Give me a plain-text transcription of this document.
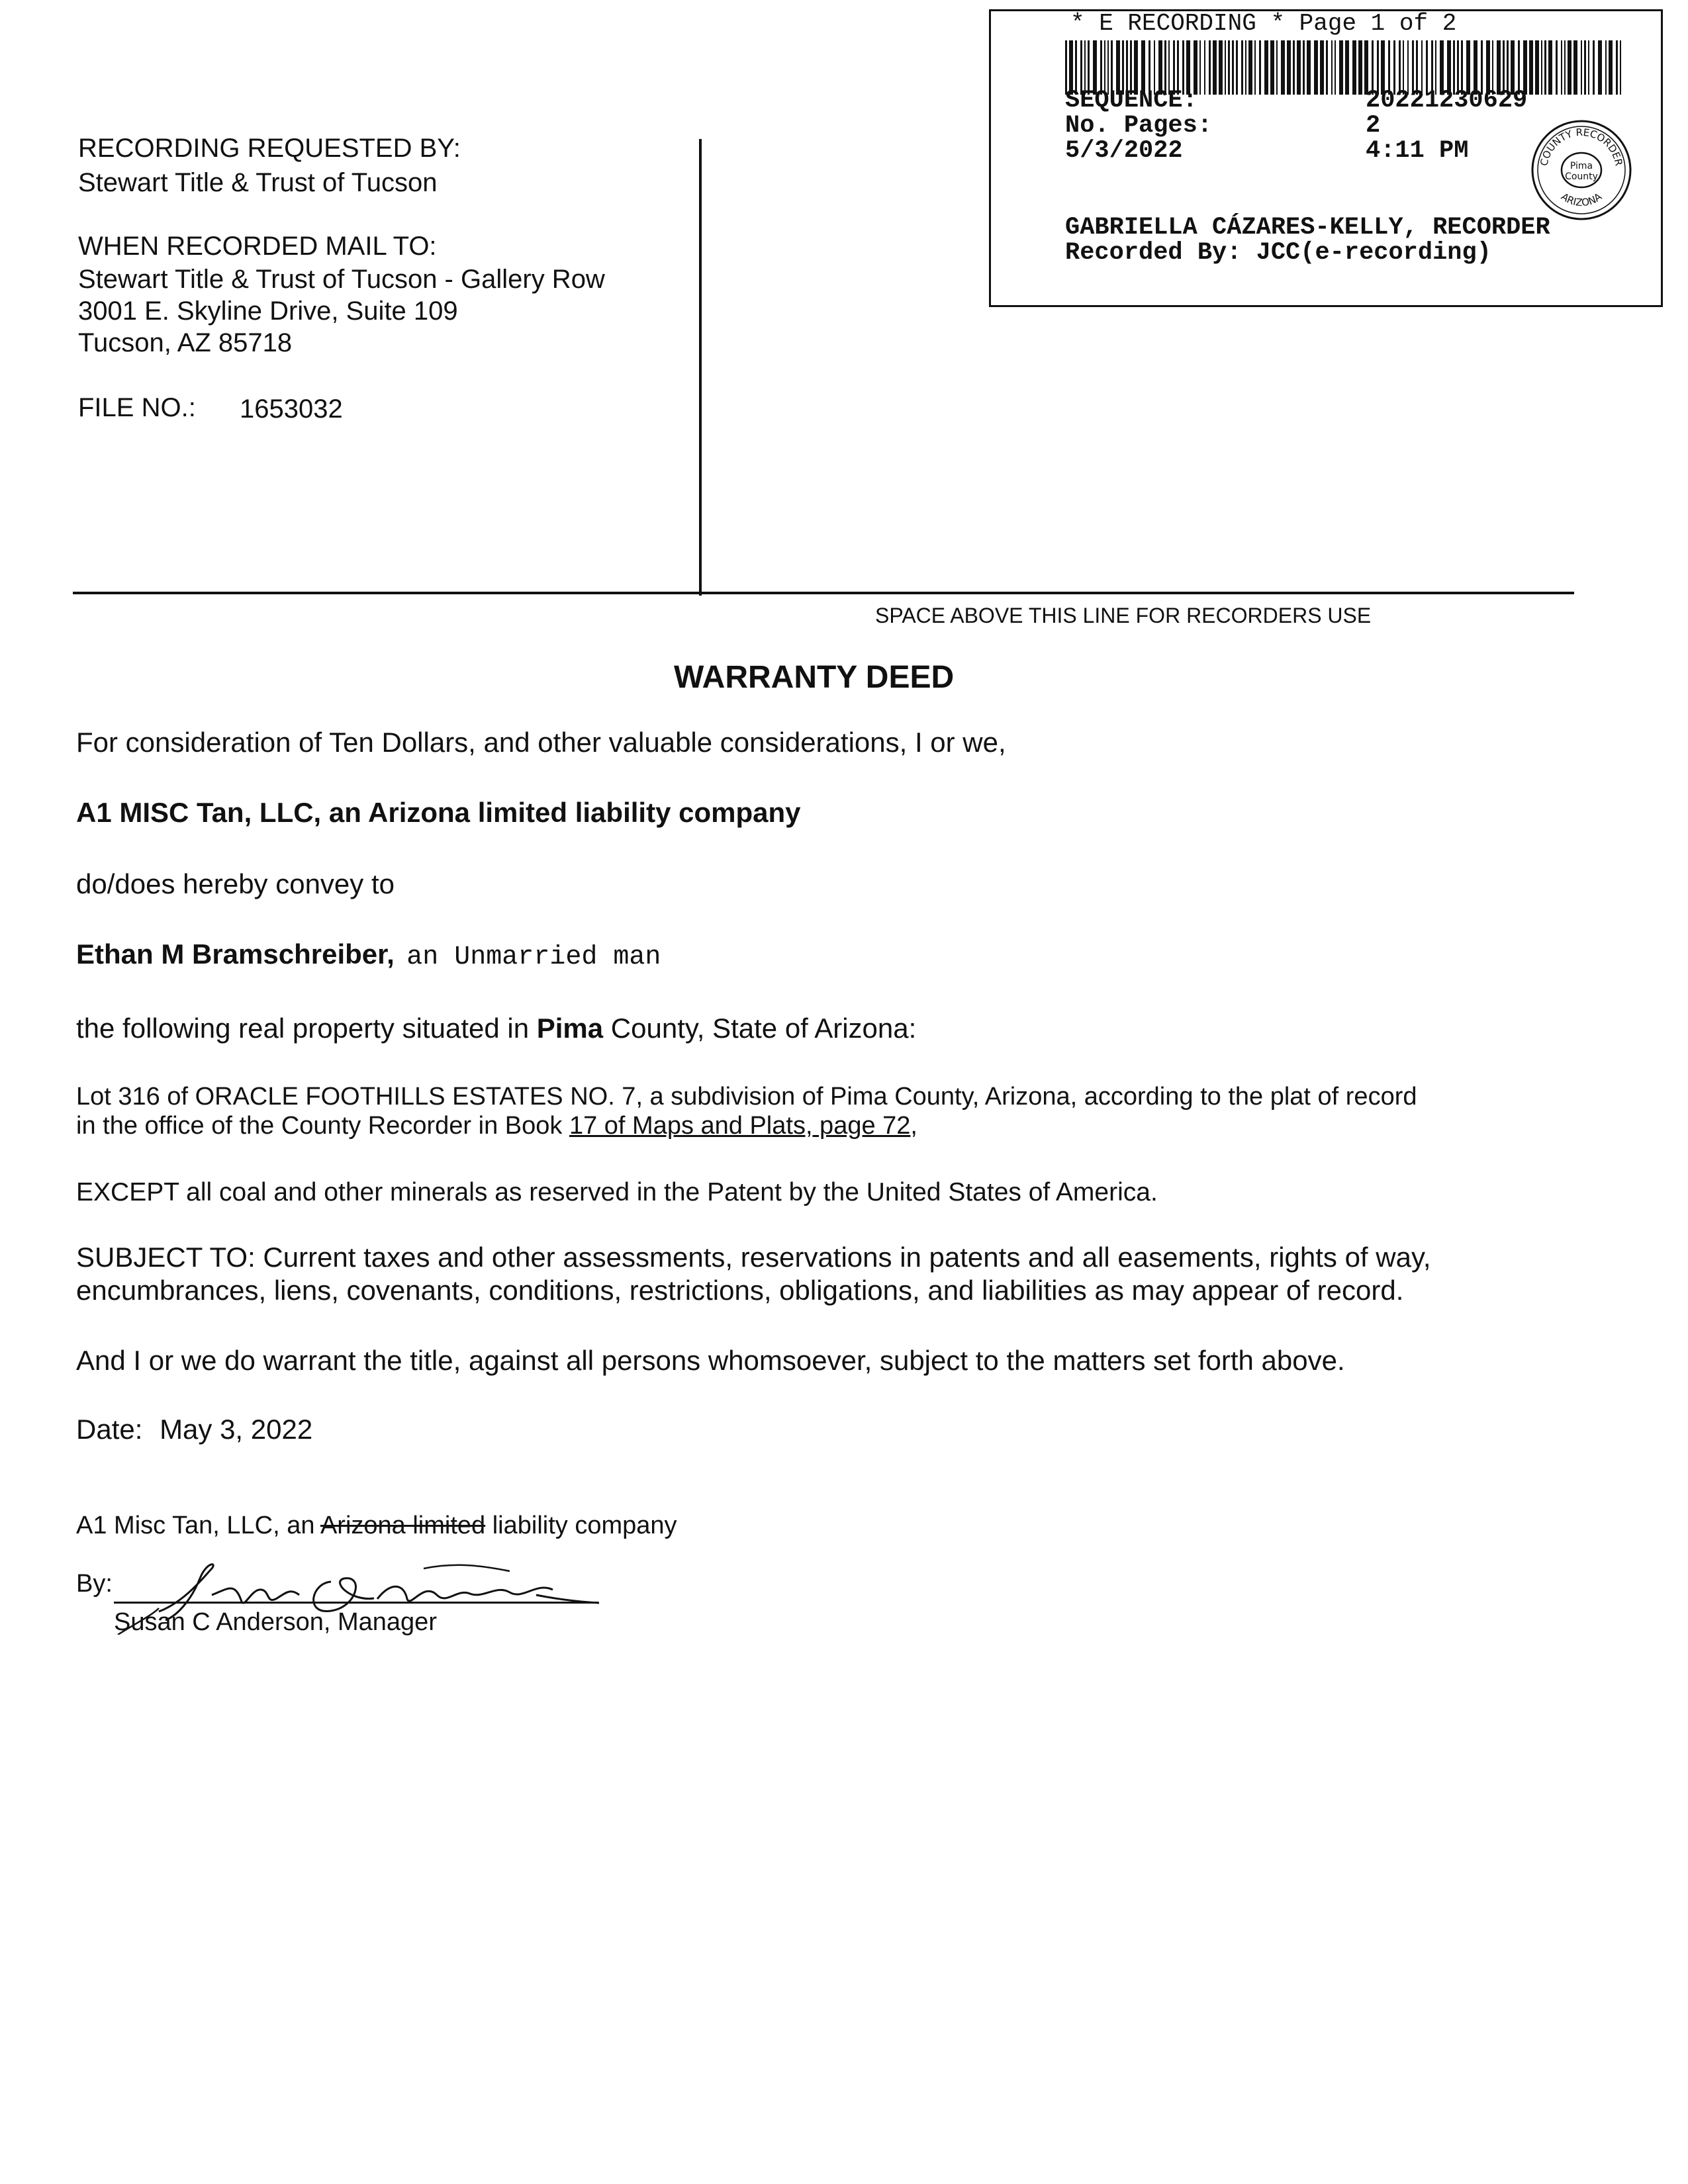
RECORDING REQUESTED BY:
Stewart Title & Trust of Tucson
WHEN RECORDED MAIL TO:
Stewart Title & Trust of Tucson - Gallery Row
3001 E. Skyline Drive, Suite 109
Tucson, AZ 85718
FILE NO.: 1653032
SPACE ABOVE THIS LINE FOR RECORDERS USE
* E RECORDING * Page 1 of 2
SEQUENCE:	20221230629
No. Pages:	2
5/3/2022	4:11 PM	COUNTY RECORDER
ARIZONA
Pima
County
GABRIELLA CÁZARES-KELLY, RECORDER
Recorded By: JCC(e-recording)
WARRANTY DEED
For consideration of Ten Dollars, and other valuable considerations, I or we,
A1 MISC Tan, LLC, an Arizona limited liability company
do/does hereby convey to
Ethan M Bramschreiber, an Unmarried man
the following real property situated in Pima County, State of Arizona:
Lot 316 of ORACLE FOOTHILLS ESTATES NO. 7, a subdivision of Pima County, Arizona, according to the plat of record
in the office of the County Recorder in Book 17 of Maps and Plats, page 72,
EXCEPT all coal and other minerals as reserved in the Patent by the United States of America.
SUBJECT TO: Current taxes and other assessments, reservations in patents and all easements, rights of way,
encumbrances, liens, covenants, conditions, restrictions, obligations, and liabilities as may appear of record.
And I or we do warrant the title, against all persons whomsoever, subject to the matters set forth above.
Date: May 3, 2022
A1 Misc Tan, LLC, an Arizona limited liability company
By:
Susan C Anderson, Manager
